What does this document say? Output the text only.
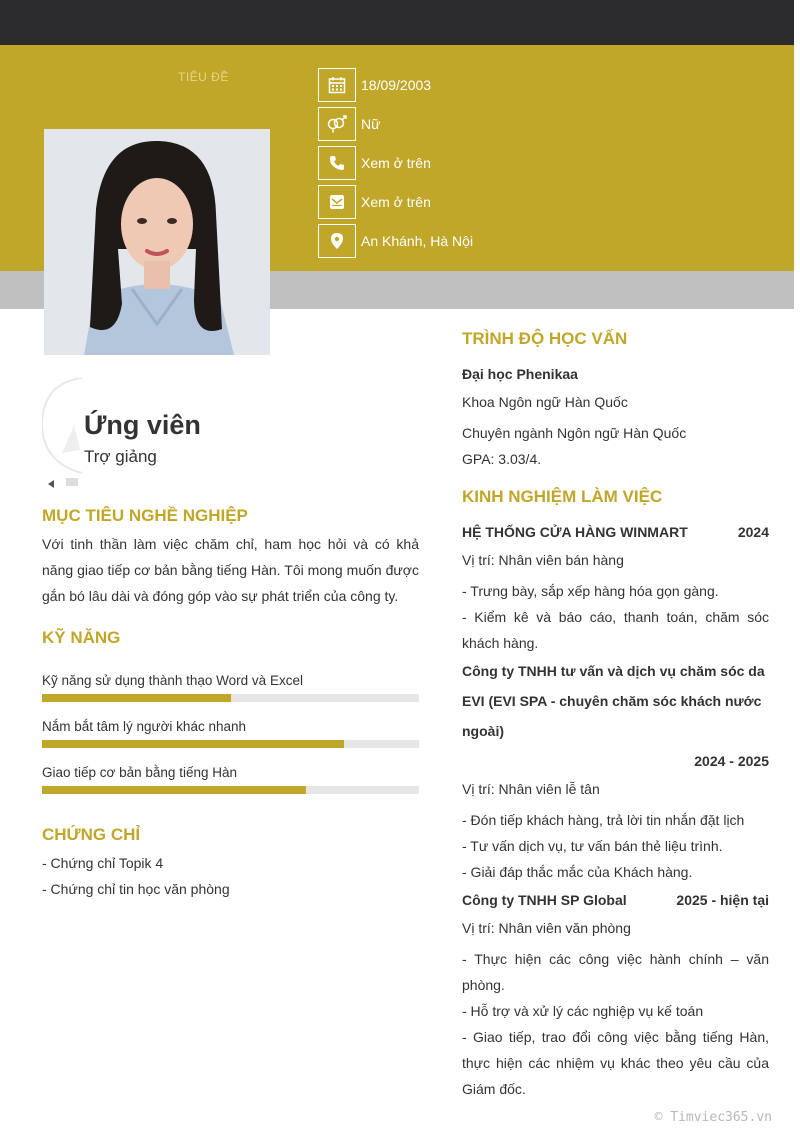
TIÊU ĐỀ	18/09/2003
Nữ
Xem ở trên
Xem ở trên
An Khánh, Hà Nội
Ứng viên
Trợ giảng
MỤC TIÊU NGHỀ NGHIỆP
Với tinh thần làm việc chăm chỉ, ham học hỏi và có khả năng giao tiếp cơ bản bằng tiếng Hàn. Tôi mong muốn được gắn bó lâu dài và đóng góp vào sự phát triển của công ty.
KỸ NĂNG
Kỹ năng sử dụng thành thạo Word và Excel
Nắm bắt tâm lý người khác nhanh
Giao tiếp cơ bản bằng tiếng Hàn
CHỨNG CHỈ
- Chứng chỉ Topik 4
- Chứng chỉ tin học văn phòng
TRÌNH ĐỘ HỌC VẤN
Đại học Phenikaa
Khoa Ngôn ngữ Hàn Quốc
Chuyên ngành Ngôn ngữ Hàn Quốc
GPA: 3.03/4.
KINH NGHIỆM LÀM VIỆC
HỆ THỐNG CỬA HÀNG WINMART	2024
Vị trí: Nhân viên bán hàng
- Trưng bày, sắp xếp hàng hóa gọn gàng.
- Kiểm kê và báo cáo, thanh toán, chăm sóc khách hàng.
Công ty TNHH tư vấn và dịch vụ chăm sóc da EVI (EVI SPA - chuyên chăm sóc khách nước ngoài)
2024 - 2025
Vị trí: Nhân viên lễ tân
- Đón tiếp khách hàng, trả lời tin nhắn đặt lịch
- Tư vấn dịch vụ, tư vấn bán thẻ liệu trình.
- Giải đáp thắc mắc của Khách hàng.
Công ty TNHH SP Global	2025 - hiện tại
Vị trí: Nhân viên văn phòng
- Thực hiện các công việc hành chính – văn phòng.
- Hỗ trợ và xử lý các nghiệp vụ kế toán
- Giao tiếp, trao đổi công việc bằng tiếng Hàn, thực hiện các nhiệm vụ khác theo yêu cầu của Giám đốc.
© Timviec365.vn
